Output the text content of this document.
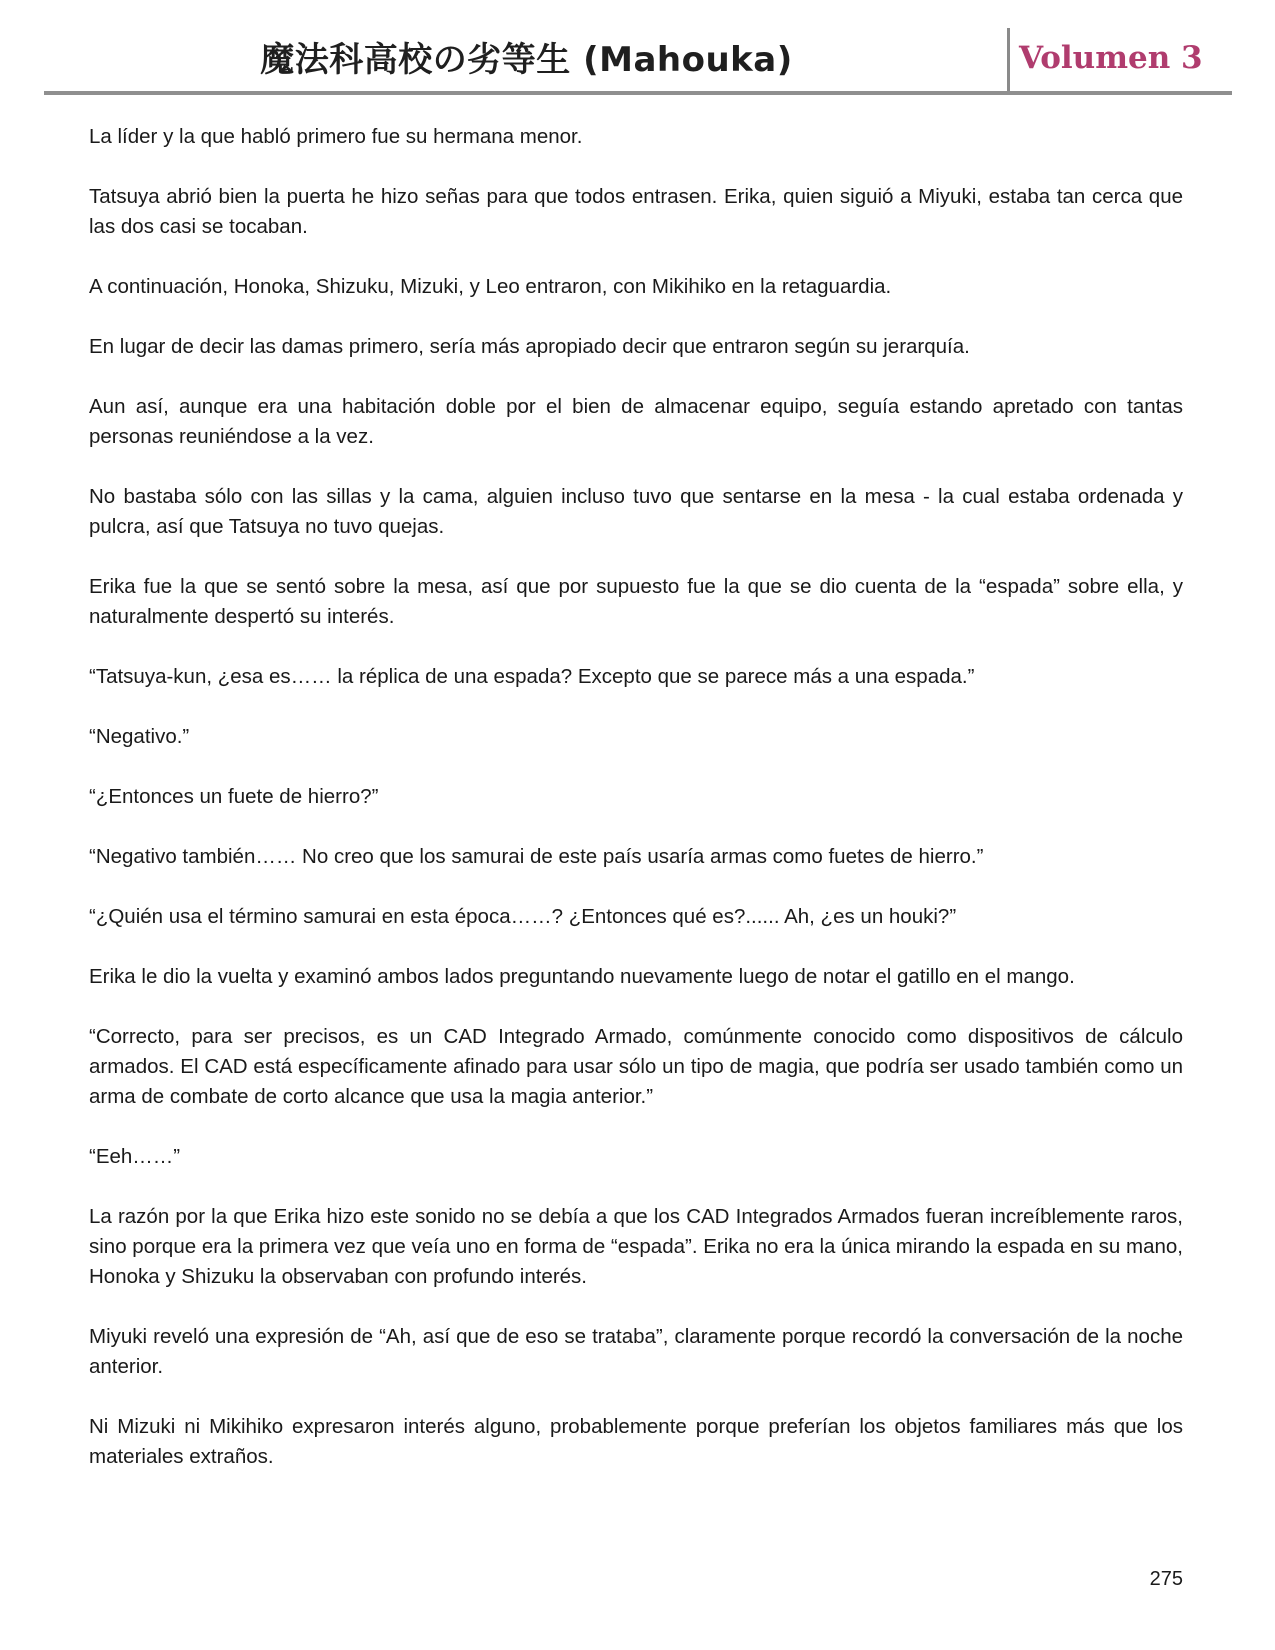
魔法科高校の劣等生 (Mahouka)	Volumen 3

La líder y la que habló primero fue su hermana menor.

Tatsuya abrió bien la puerta he hizo señas para que todos entrasen. Erika, quien siguió a Miyuki, estaba tan cerca que las dos casi se tocaban.

A continuación, Honoka, Shizuku, Mizuki, y Leo entraron, con Mikihiko en la retaguardia.

En lugar de decir las damas primero, sería más apropiado decir que entraron según su jerarquía.

Aun así, aunque era una habitación doble por el bien de almacenar equipo, seguía estando apretado con tantas personas reuniéndose a la vez.

No bastaba sólo con las sillas y la cama, alguien incluso tuvo que sentarse en la mesa - la cual estaba ordenada y pulcra, así que Tatsuya no tuvo quejas.

Erika fue la que se sentó sobre la mesa, así que por supuesto fue la que se dio cuenta de la “espada” sobre ella, y naturalmente despertó su interés.

“Tatsuya-kun, ¿esa es…… la réplica de una espada? Excepto que se parece más a una espada.”

“Negativo.”

“¿Entonces un fuete de hierro?”

“Negativo también…… No creo que los samurai de este país usaría armas como fuetes de hierro.”

“¿Quién usa el término samurai en esta época……? ¿Entonces qué es?...... Ah, ¿es un houki?”

Erika le dio la vuelta y examinó ambos lados preguntando nuevamente luego de notar el gatillo en el mango.

“Correcto, para ser precisos, es un CAD Integrado Armado, comúnmente conocido como dispositivos de cálculo armados. El CAD está específicamente afinado para usar sólo un tipo de magia, que podría ser usado también como un arma de combate de corto alcance que usa la magia anterior.”

“Eeh……”

La razón por la que Erika hizo este sonido no se debía a que los CAD Integrados Armados fueran increíblemente raros, sino porque era la primera vez que veía uno en forma de “espada”. Erika no era la única mirando la espada en su mano, Honoka y Shizuku la observaban con profundo interés.

Miyuki reveló una expresión de “Ah, así que de eso se trataba”, claramente porque recordó la conversación de la noche anterior.

Ni Mizuki ni Mikihiko expresaron interés alguno, probablemente porque preferían los objetos familiares más que los materiales extraños.

275
